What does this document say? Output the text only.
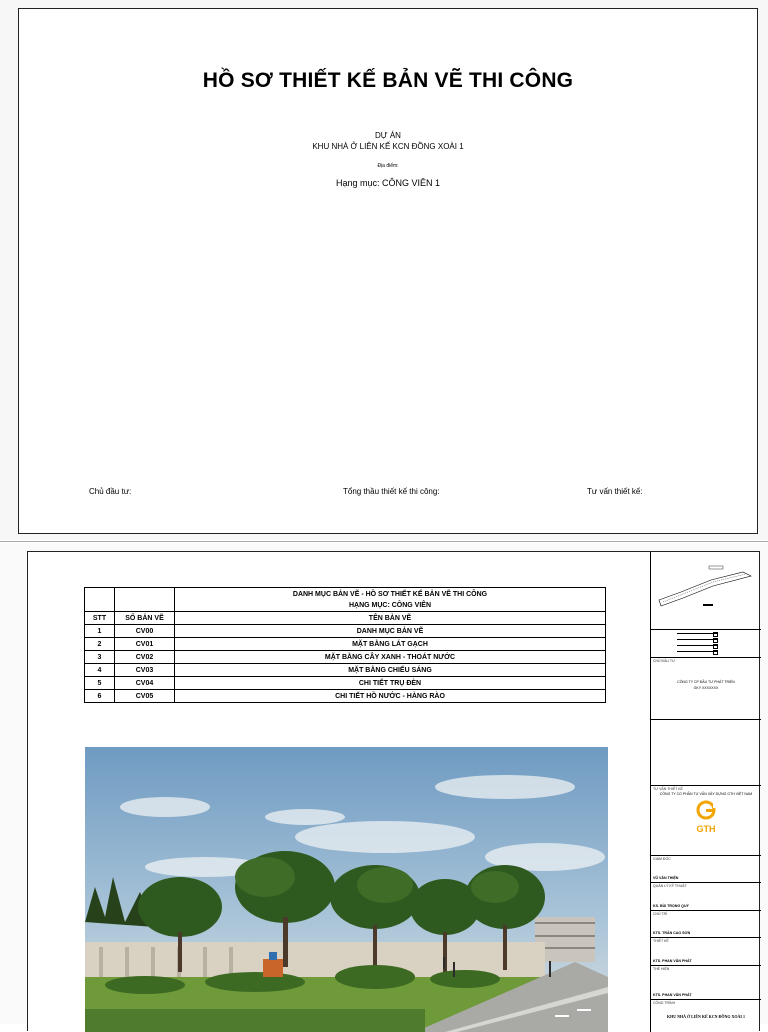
HỒ SƠ THIẾT KẾ BẢN VẼ THI CÔNG
DỰ ÁN
KHU NHÀ Ở LIÊN KẾ KCN ĐỒNG XOÀI 1
Địa điểm:
Hạng mục: CÔNG VIÊN 1
Chủ đầu tư:	Tổng thầu thiết kế thi công:	Tư vấn thiết kế:

		DANH MỤC BẢN VẼ - HỒ SƠ THIẾT KẾ BẢN VẼ THI CÔNG
HẠNG MỤC: CÔNG VIÊN

STT	SỐ BẢN VẼ	TÊN BẢN VẼ
1	CV00	DANH MỤC BẢN VẼ
2	CV01	MẶT BẰNG LÁT GẠCH
3	CV02	MẶT BẰNG CÂY XANH - THOÁT NƯỚC
4	CV03	MẶT BẰNG CHIẾU SÁNG
5	CV04	CHI TIẾT TRỤ ĐÈN
6	CV05	CHI TIẾT HỒ NƯỚC - HÀNG RÀO
CHỦ ĐẦU TƯ
CÔNG TY CP ĐẦU TƯ PHÁT TRIỂN
GKY XXXXXXX
TƯ VẤN THIẾT KẾ
CÔNG TY CỔ PHẦN TƯ VẤN XÂY DỰNG GTH VIỆT NAM
GTH
GIÁM ĐỐC
VŨ VĂN THIỆN
QUẢN LÝ KỸ THUẬT
KS. BÙI TRỌNG QUÝ
CHỦ TRÌ
KTS. TRẦN CAO SƠN
THIẾT KẾ
KTS. PHAN VĂN PHÁT
THỂ HIỆN
KTS. PHAN VĂN PHÁT
CÔNG TRÌNH
KHU NHÀ Ở LIÊN KẾ KCN ĐỒNG XOÀI 1
